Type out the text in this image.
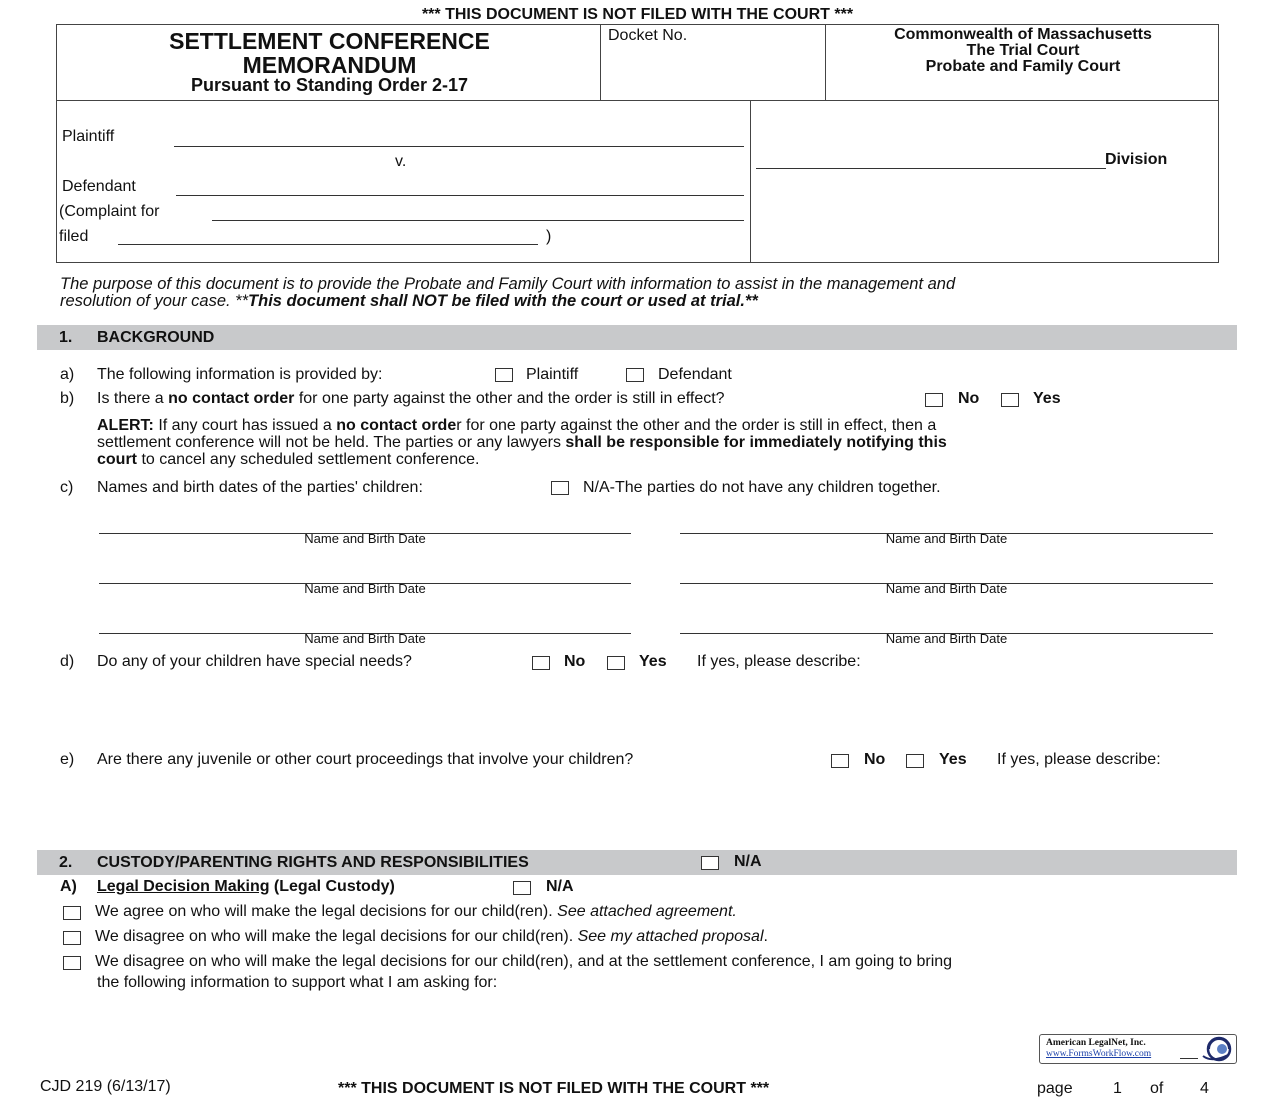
*** THIS DOCUMENT IS NOT FILED WITH THE COURT ***
SETTLEMENT CONFERENCE
MEMORANDUM
Pursuant to Standing Order 2-17
Docket No.	Commonwealth of Massachusetts
The Trial Court
Probate and Family Court
Plaintiff
v.
Defendant
(Complaint for
filed	)
Division
The purpose of this document is to provide the Probate and Family Court with information to assist in the management and
resolution of your case. **This document shall NOT be filed with the court or used at trial.**
1. BACKGROUND
a) The following information is provided by:	Plaintiff	Defendant
b) Is there a no contact order for one party against the other and the order is still in effect?	No	Yes
ALERT: If any court has issued a no contact order for one party against the other and the order is still in effect, then a
settlement conference will not be held. The parties or any lawyers shall be responsible for immediately notifying this
court to cancel any scheduled settlement conference.
c) Names and birth dates of the parties' children:	N/A-The parties do not have any children together.
Name and Birth Date	Name and Birth Date
Name and Birth Date	Name and Birth Date
Name and Birth Date	Name and Birth Date
d) Do any of your children have special needs?	No	Yes If yes, please describe:
e) Are there any juvenile or other court proceedings that involve your children?	No	Yes If yes, please describe:
2. CUSTODY/PARENTING RIGHTS AND RESPONSIBILITIES	N/A
A) Legal Decision Making (Legal Custody)	N/A
We agree on who will make the legal decisions for our child(ren). See attached agreement.
We disagree on who will make the legal decisions for our child(ren). See my attached proposal.
We disagree on who will make the legal decisions for our child(ren), and at the settlement conference, I am going to bring
the following information to support what I am asking for:
American LegalNet, Inc.
www.FormsWorkFlow.com
CJD 219 (6/13/17)	*** THIS DOCUMENT IS NOT FILED WITH THE COURT ***	page	1 of 4
